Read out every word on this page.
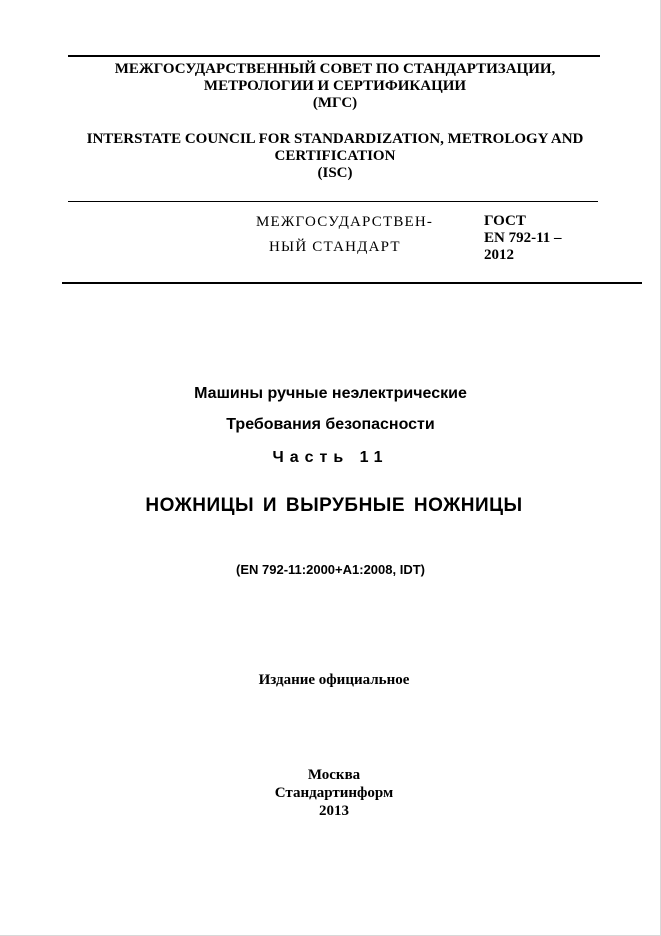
МЕЖГОСУДАРСТВЕННЫЙ СОВЕТ ПО СТАНДАРТИЗАЦИИ,
МЕТРОЛОГИИ И СЕРТИФИКАЦИИ
(МГС)
INTERSTATE COUNCIL FOR STANDARDIZATION, METROLOGY AND
CERTIFICATION
(ISC)
МЕЖГОСУДАРСТВЕН-
НЫЙ СТАНДАРТ
ГОСТ
EN 792-11 –
2012
Машины ручные неэлектрические
Требования безопасности
Часть 11
НОЖНИЦЫ И ВЫРУБНЫЕ НОЖНИЦЫ
(EN 792-11:2000+A1:2008, IDT)
Издание официальное
Москва
Стандартинформ
2013
